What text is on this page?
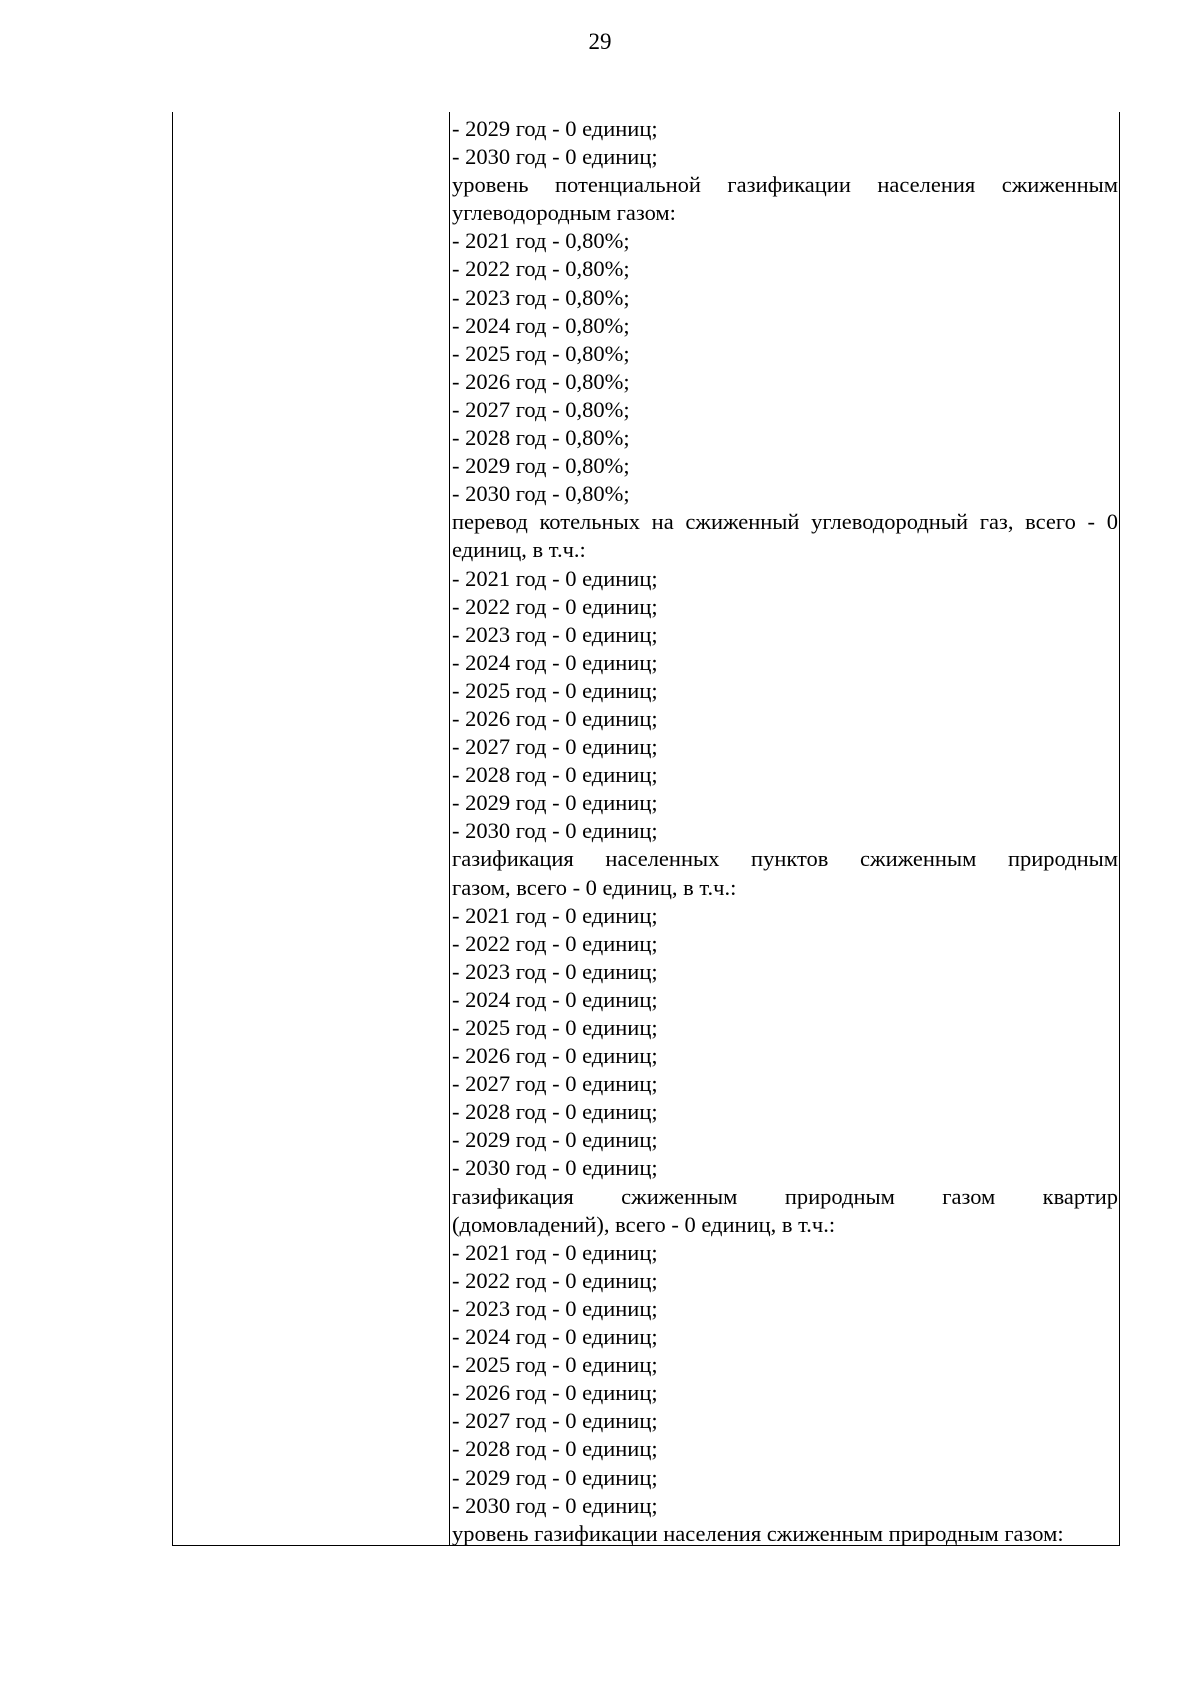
29
- 2029 год - 0 единиц;
- 2030 год - 0 единиц;
уровень потенциальной газификации населения сжиженным
углеводородным газом:
- 2021 год - 0,80%;
- 2022 год - 0,80%;
- 2023 год - 0,80%;
- 2024 год - 0,80%;
- 2025 год - 0,80%;
- 2026 год - 0,80%;
- 2027 год - 0,80%;
- 2028 год - 0,80%;
- 2029 год - 0,80%;
- 2030 год - 0,80%;
перевод котельных на сжиженный углеводородный газ, всего - 0
единиц, в т.ч.:
- 2021 год - 0 единиц;
- 2022 год - 0 единиц;
- 2023 год - 0 единиц;
- 2024 год - 0 единиц;
- 2025 год - 0 единиц;
- 2026 год - 0 единиц;
- 2027 год - 0 единиц;
- 2028 год - 0 единиц;
- 2029 год - 0 единиц;
- 2030 год - 0 единиц;
газификация населенных пунктов сжиженным природным
газом, всего - 0 единиц, в т.ч.:
- 2021 год - 0 единиц;
- 2022 год - 0 единиц;
- 2023 год - 0 единиц;
- 2024 год - 0 единиц;
- 2025 год - 0 единиц;
- 2026 год - 0 единиц;
- 2027 год - 0 единиц;
- 2028 год - 0 единиц;
- 2029 год - 0 единиц;
- 2030 год - 0 единиц;
газификация сжиженным природным газом квартир
(домовладений), всего - 0 единиц, в т.ч.:
- 2021 год - 0 единиц;
- 2022 год - 0 единиц;
- 2023 год - 0 единиц;
- 2024 год - 0 единиц;
- 2025 год - 0 единиц;
- 2026 год - 0 единиц;
- 2027 год - 0 единиц;
- 2028 год - 0 единиц;
- 2029 год - 0 единиц;
- 2030 год - 0 единиц;
уровень газификации населения сжиженным природным газом:
